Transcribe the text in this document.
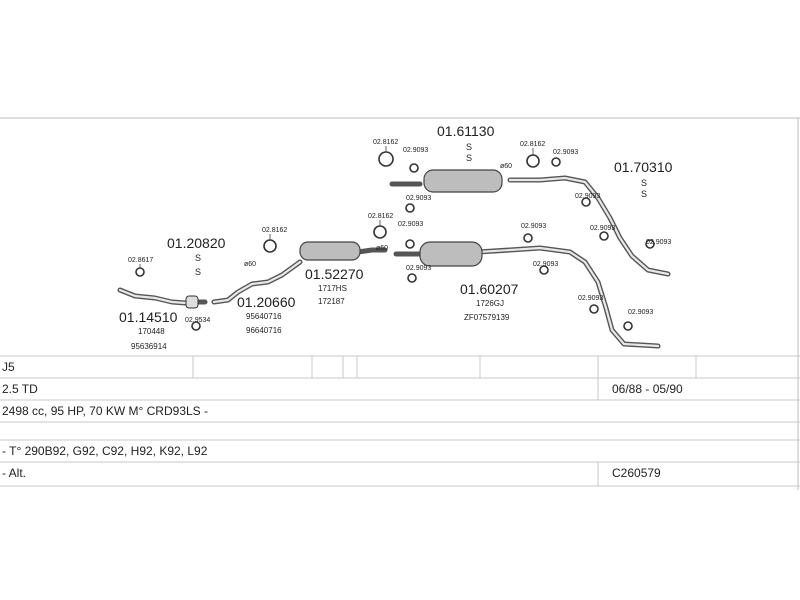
01.61130
S
S
01.70310
S
S
01.20820
S
S	01.52270
1717HS
172187
01.20660
95640716
96640716
01.14510
170448
95636914
01.60207
1726GJ
ZF07579139
02.8162
02.9093
02.8162
02.9093
02.9093	02.9093
02.8162
02.9093	02.9093	02.9093
02.9093
02.9093
02.9093
02.9093
02.8162
02.8617
02.9534
02.9093
ø60
ø60
ø60
J5
2.5 TD	06/88 - 05/90
2498 cc, 95 HP, 70 KW M° CRD93LS -
- T° 290B92, G92, C92, H92, K92, L92
- Alt.	C260579
